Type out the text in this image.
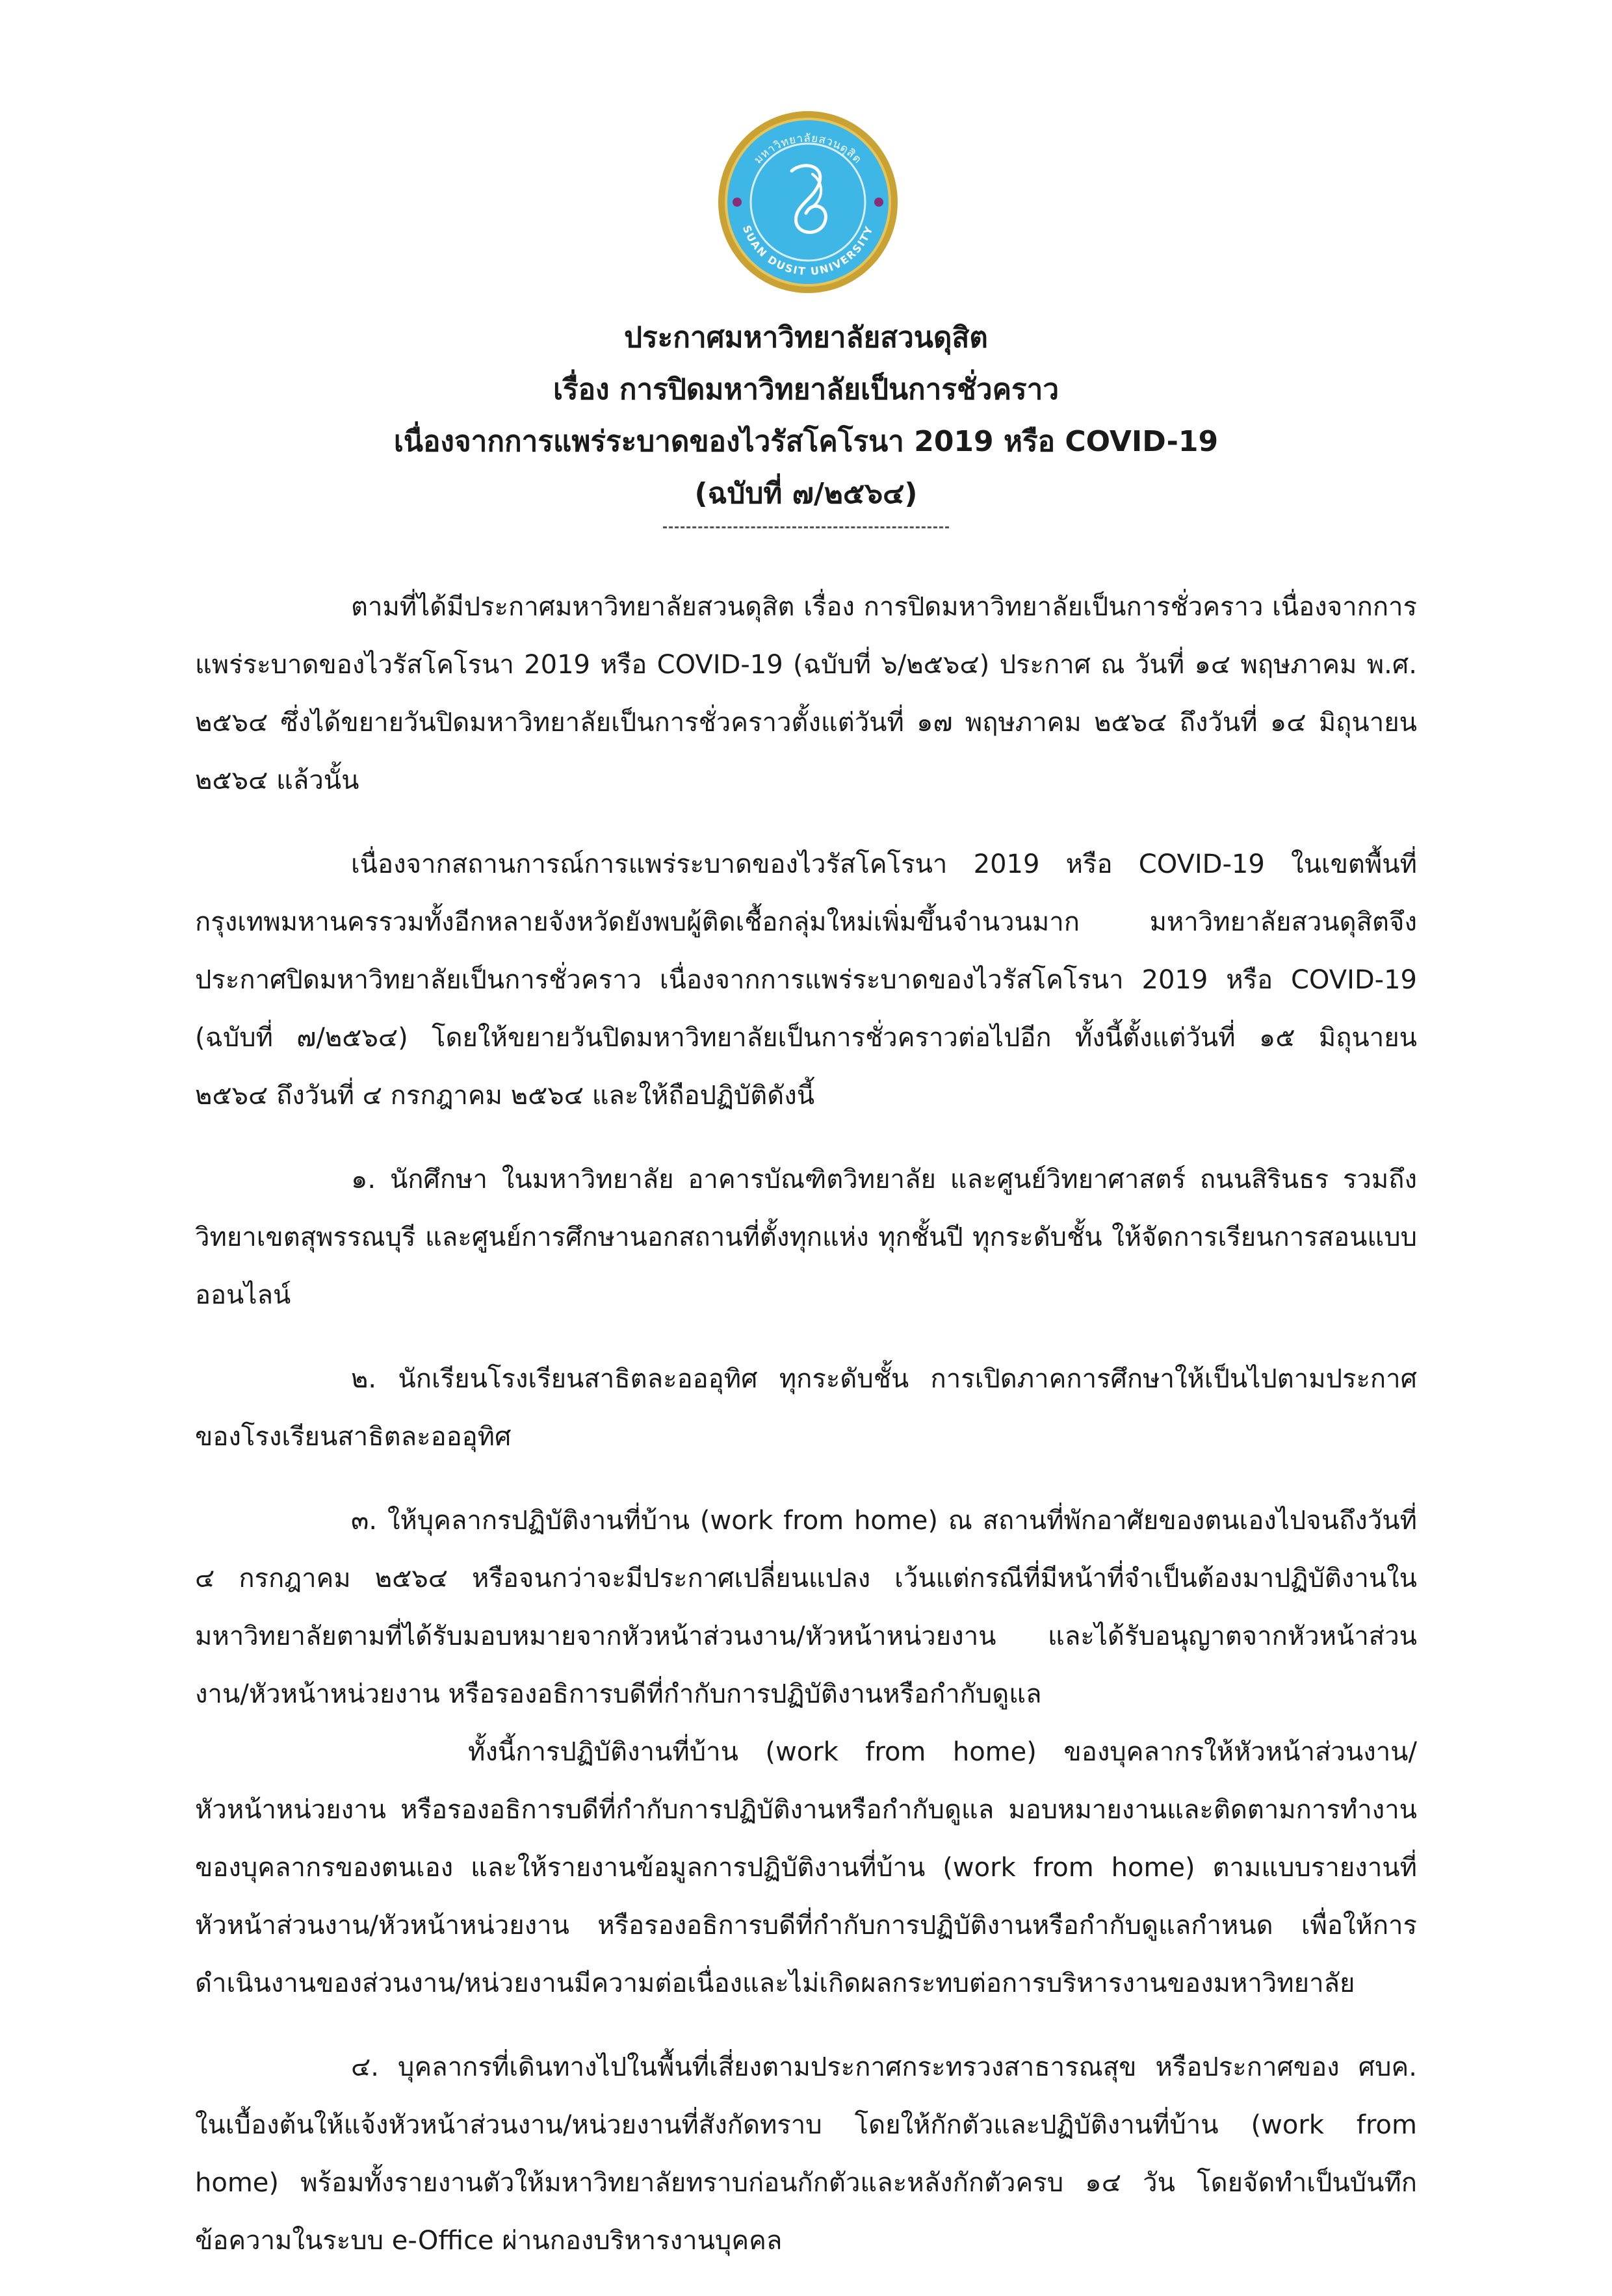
มหาวิทยาลัยสวนดุสิต
SUAN DUSIT UNIVERSITY
ประกาศมหาวิทยาลัยสวนดุสิต
เรื่อง การปิดมหาวิทยาลัยเป็นการชั่วคราว
เนื่องจากการแพร่ระบาดของไวรัสโคโรนา 2019 หรือ COVID-19
(ฉบับที่ ๗/๒๕๖๔)

ตามที่ได้มีประกาศมหาวิทยาลัยสวนดุสิต เรื่อง การปิดมหาวิทยาลัยเป็นการชั่วคราว เนื่องจากการแพร่ระบาดของไวรัสโคโรนา 2019 หรือ COVID-19 (ฉบับที่ ๖/๒๕๖๔) ประกาศ ณ วันที่ ๑๔ พฤษภาคม พ.ศ. ๒๕๖๔ ซึ่งได้ขยายวันปิดมหาวิทยาลัยเป็นการชั่วคราวตั้งแต่วันที่ ๑๗ พฤษภาคม ๒๕๖๔ ถึงวันที่ ๑๔ มิถุนายน ๒๕๖๔ แล้วนั้น

เนื่องจากสถานการณ์การแพร่ระบาดของไวรัสโคโรนา 2019 หรือ COVID-19 ในเขตพื้นที่กรุงเทพมหานครรวมทั้งอีกหลายจังหวัดยังพบผู้ติดเชื้อกลุ่มใหม่เพิ่มขึ้นจำนวนมาก มหาวิทยาลัยสวนดุสิตจึงประกาศปิดมหาวิทยาลัยเป็นการชั่วคราว เนื่องจากการแพร่ระบาดของไวรัสโคโรนา 2019 หรือ COVID-19 (ฉบับที่ ๗/๒๕๖๔) โดยให้ขยายวันปิดมหาวิทยาลัยเป็นการชั่วคราวต่อไปอีก ทั้งนี้ตั้งแต่วันที่ ๑๕ มิถุนายน ๒๕๖๔ ถึงวันที่ ๔ กรกฎาคม ๒๕๖๔ และให้ถือปฏิบัติดังนี้

๑. นักศึกษา ในมหาวิทยาลัย อาคารบัณฑิตวิทยาลัย และศูนย์วิทยาศาสตร์ ถนนสิรินธร รวมถึงวิทยาเขตสุพรรณบุรี และศูนย์การศึกษานอกสถานที่ตั้งทุกแห่ง ทุกชั้นปี ทุกระดับชั้น ให้จัดการเรียนการสอนแบบออนไลน์

๒. นักเรียนโรงเรียนสาธิตละอออุทิศ ทุกระดับชั้น การเปิดภาคการศึกษาให้เป็นไปตามประกาศของโรงเรียนสาธิตละอออุทิศ

๓. ให้บุคลากรปฏิบัติงานที่บ้าน (work from home) ณ สถานที่พักอาศัยของตนเองไปจนถึงวันที่ ๔ กรกฎาคม ๒๕๖๔ หรือจนกว่าจะมีประกาศเปลี่ยนแปลง เว้นแต่กรณีที่มีหน้าที่จำเป็นต้องมาปฏิบัติงานในมหาวิทยาลัยตามที่ได้รับมอบหมายจากหัวหน้าส่วนงาน/หัวหน้าหน่วยงาน และได้รับอนุญาตจากหัวหน้าส่วนงาน/หัวหน้าหน่วยงาน หรือรองอธิการบดีที่กำกับการปฏิบัติงานหรือกำกับดูแล

ทั้งนี้การปฏิบัติงานที่บ้าน (work from home) ของบุคลากรให้หัวหน้าส่วนงาน/หัวหน้าหน่วยงาน หรือรองอธิการบดีที่กำกับการปฏิบัติงานหรือกำกับดูแล มอบหมายงานและติดตามการทำงานของบุคลากรของตนเอง และให้รายงานข้อมูลการปฏิบัติงานที่บ้าน (work from home) ตามแบบรายงานที่หัวหน้าส่วนงาน/หัวหน้าหน่วยงาน หรือรองอธิการบดีที่กำกับการปฏิบัติงานหรือกำกับดูแลกำหนด เพื่อให้การดำเนินงานของส่วนงาน/หน่วยงานมีความต่อเนื่องและไม่เกิดผลกระทบต่อการบริหารงานของมหาวิทยาลัย

๔. บุคลากรที่เดินทางไปในพื้นที่เสี่ยงตามประกาศกระทรวงสาธารณสุข หรือประกาศของ ศบค. ในเบื้องต้นให้แจ้งหัวหน้าส่วนงาน/หน่วยงานที่สังกัดทราบ โดยให้กักตัวและปฏิบัติงานที่บ้าน (work from home) พร้อมทั้งรายงานตัวให้มหาวิทยาลัยทราบก่อนกักตัวและหลังกักตัวครบ ๑๔ วัน โดยจัดทำเป็นบันทึกข้อความในระบบ e-Office ผ่านกองบริหารงานบุคคล
